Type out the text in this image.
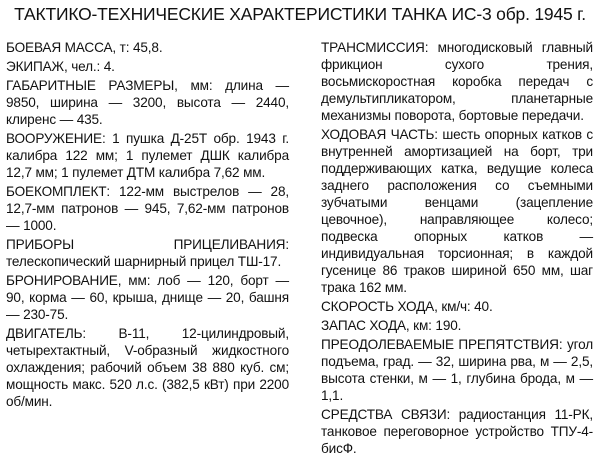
ТАКТИКО-ТЕХНИЧЕСКИЕ ХАРАКТЕРИСТИКИ ТАНКА ИС-3 обр. 1945 г.

БОЕВАЯ МАССА, т: 45,8.

ЭКИПАЖ, чел.: 4.

ГАБАРИТНЫЕ РАЗМЕРЫ, мм: длина — 9850, ширина — 3200, высота — 2440, клиренс — 435.

ВООРУЖЕНИЕ: 1 пушка Д-25Т обр. 1943 г. калибра 122 мм; 1 пулемет ДШК калибра 12,7 мм; 1 пулемет ДТМ калибра 7,62 мм.

БОЕКОМПЛЕКТ: 122-мм выстрелов — 28, 12,7-мм патронов — 945, 7,62-мм патронов — 1000.

ПРИБОРЫ ПРИЦЕЛИВАНИЯ: телескопический шарнирный прицел ТШ-17.

БРОНИРОВАНИЕ, мм: лоб — 120, борт — 90, корма — 60, крыша, днище — 20, башня — 230-75.

ДВИГАТЕЛЬ: В-11, 12-цилиндровый, четырехтактный, V-образный жидкостного охлаждения; рабочий объем 38 880 куб. см; мощность макс. 520 л.с. (382,5 кВт) при 2200 об/мин.

ТРАНСМИССИЯ: многодисковый главный фрикцион сухого трения, восьмискоростная коробка передач с демультипликатором, планетарные механизмы поворота, бортовые передачи.

ХОДОВАЯ ЧАСТЬ: шесть опорных катков с внутренней амортизацией на борт, три поддерживающих катка, ведущие колеса заднего расположения со съемными зубчатыми венцами (зацепление цевочное), направляющее колесо; подвеска опорных катков — индивидуальная торсионная; в каждой гусенице 86 траков шириной 650 мм, шаг трака 162 мм.

СКОРОСТЬ ХОДА, км/ч: 40.

ЗАПАС ХОДА, км: 190.

ПРЕОДОЛЕВАЕМЫЕ ПРЕПЯТСТВИЯ: угол подъема, град. — 32, ширина рва, м — 2,5, высота стенки, м — 1, глубина брода, м — 1,1.

СРЕДСТВА СВЯЗИ: радиостанция 11-РК, танковое переговорное устройство ТПУ-4-бисФ.
